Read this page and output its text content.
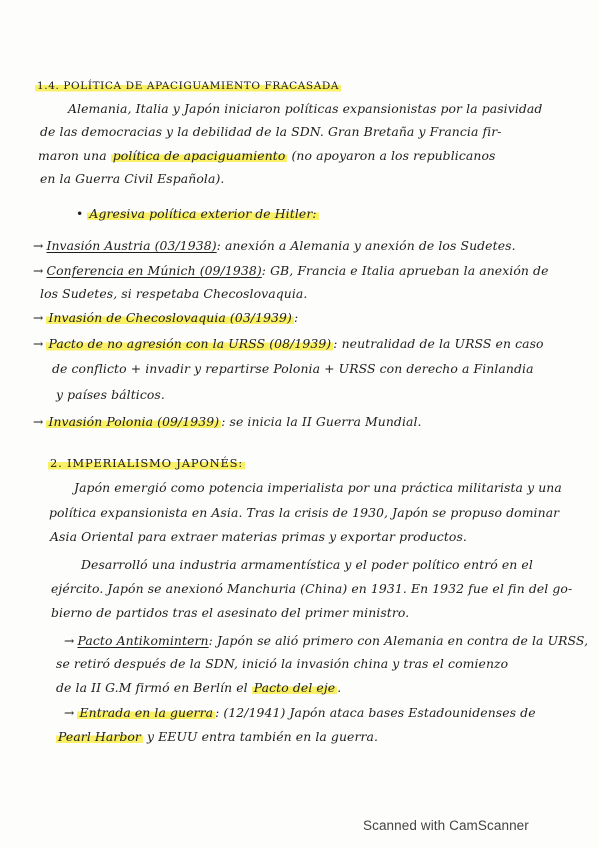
1.4. POLÍTICA DE APACIGUAMIENTO FRACASADA
Alemania, Italia y Japón iniciaron políticas expansionistas por la pasividad
de las democracias y la debilidad de la SDN. Gran Bretaña y Francia fir-
maron una política de apaciguamiento (no apoyaron a los republicanos
en la Guerra Civil Española).
• Agresiva política exterior de Hitler:
→ Invasión Austria (03/1938): anexión a Alemania y anexión de los Sudetes.
→ Conferencia en Múnich (09/1938): GB, Francia e Italia aprueban la anexión de
los Sudetes, si respetaba Checoslovaquia.
→ Invasión de Checoslovaquia (03/1939) :
→ Pacto de no agresión con la URSS (08/1939) : neutralidad de la URSS en caso
de conflicto + invadir y repartirse Polonia + URSS con derecho a Finlandia
y países bálticos.
→ Invasión Polonia (09/1939) : se inicia la II Guerra Mundial.
2. IMPERIALISMO JAPONÉS:
Japón emergió como potencia imperialista por una práctica militarista y una
política expansionista en Asia. Tras la crisis de 1930, Japón se propuso dominar
Asia Oriental para extraer materias primas y exportar productos.
Desarrolló una industria armamentística y el poder político entró en el
ejército. Japón se anexionó Manchuria (China) en 1931. En 1932 fue el fin del go-
bierno de partidos tras el asesinato del primer ministro.
→ Pacto Antikomintern: Japón se alió primero con Alemania en contra de la URSS,
se retiró después de la SDN, inició la invasión china y tras el comienzo
de la II G.M firmó en Berlín el Pacto del eje .
→ Entrada en la guerra : (12/1941) Japón ataca bases Estadounidenses de
Pearl Harbor y EEUU entra también en la guerra.
Scanned with CamScanner
